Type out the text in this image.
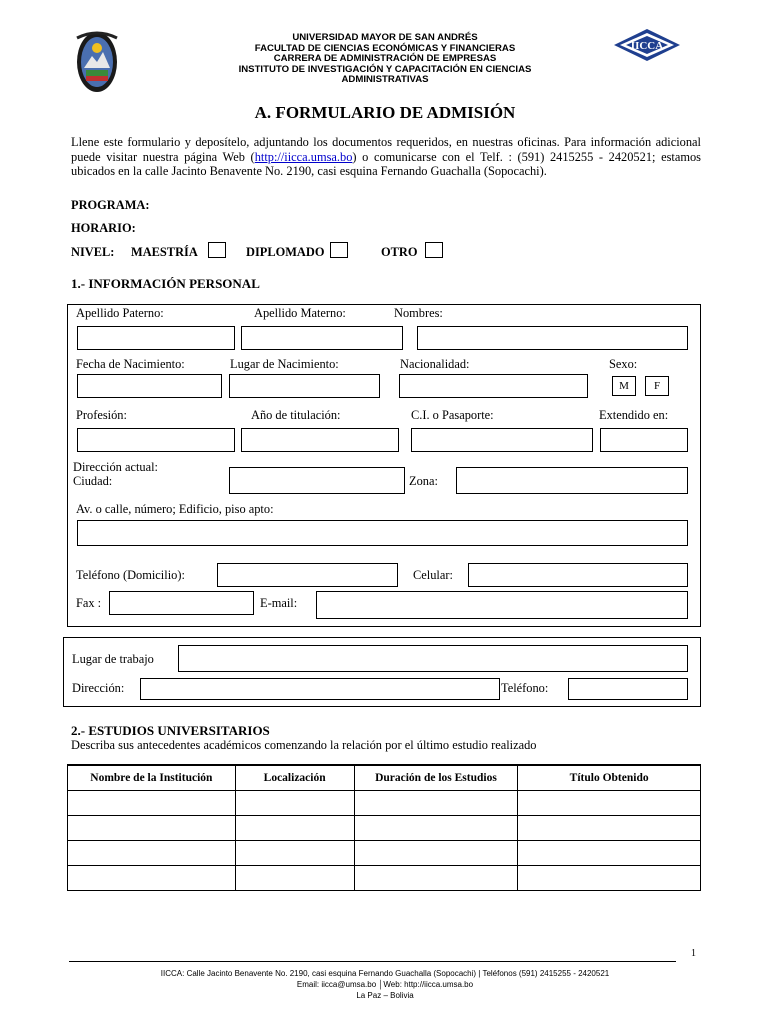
UNIVERSIDAD MAYOR DE SAN ANDRÉS
FACULTAD DE CIENCIAS ECONÓMICAS Y FINANCIERAS
CARRERA DE ADMINISTRACIÓN DE EMPRESAS
INSTITUTO DE INVESTIGACIÓN Y CAPACITACIÓN EN CIENCIAS
ADMINISTRATIVAS
IICCA
A. FORMULARIO DE ADMISIÓN
Llene este formulario y deposítelo, adjuntando los documentos requeridos, en nuestras oficinas. Para información adicional puede visitar nuestra página Web (http://iicca.umsa.bo) o comunicarse con el Telf. : (591) 2415255 - 2420521; estamos ubicados en la calle Jacinto Benavente No. 2190, casi esquina Fernando Guachalla (Sopocachi).
PROGRAMA:
HORARIO:
NIVEL: MAESTRÍA	DIPLOMADO	OTRO
1.- INFORMACIÓN PERSONAL
Apellido Paterno:	Apellido Materno:	Nombres:
Fecha de Nacimiento:	Lugar de Nacimiento:	Nacionalidad:	Sexo:
M	F
Profesión:	Año de titulación:	C.I. o Pasaporte:	Extendido en:
Dirección actual:
Ciudad:	Zona:
Av. o calle, número; Edificio, piso apto:
Teléfono (Domicilio):	Celular:
Fax :	E-mail:
Lugar de trabajo
Dirección:	Teléfono:
2.- ESTUDIOS UNIVERSITARIOS
Describa sus antecedentes académicos comenzando la relación por el último estudio realizado
Nombre de la Institución	Localización	Duración de los Estudios	Título Obtenido

1
IICCA: Calle Jacinto Benavente No. 2190, casi esquina Fernando Guachalla (Sopocachi) | Teléfonos (591) 2415255 - 2420521
Email: iicca@umsa.bo │Web: http://iicca.umsa.bo
La Paz – Bolivia
